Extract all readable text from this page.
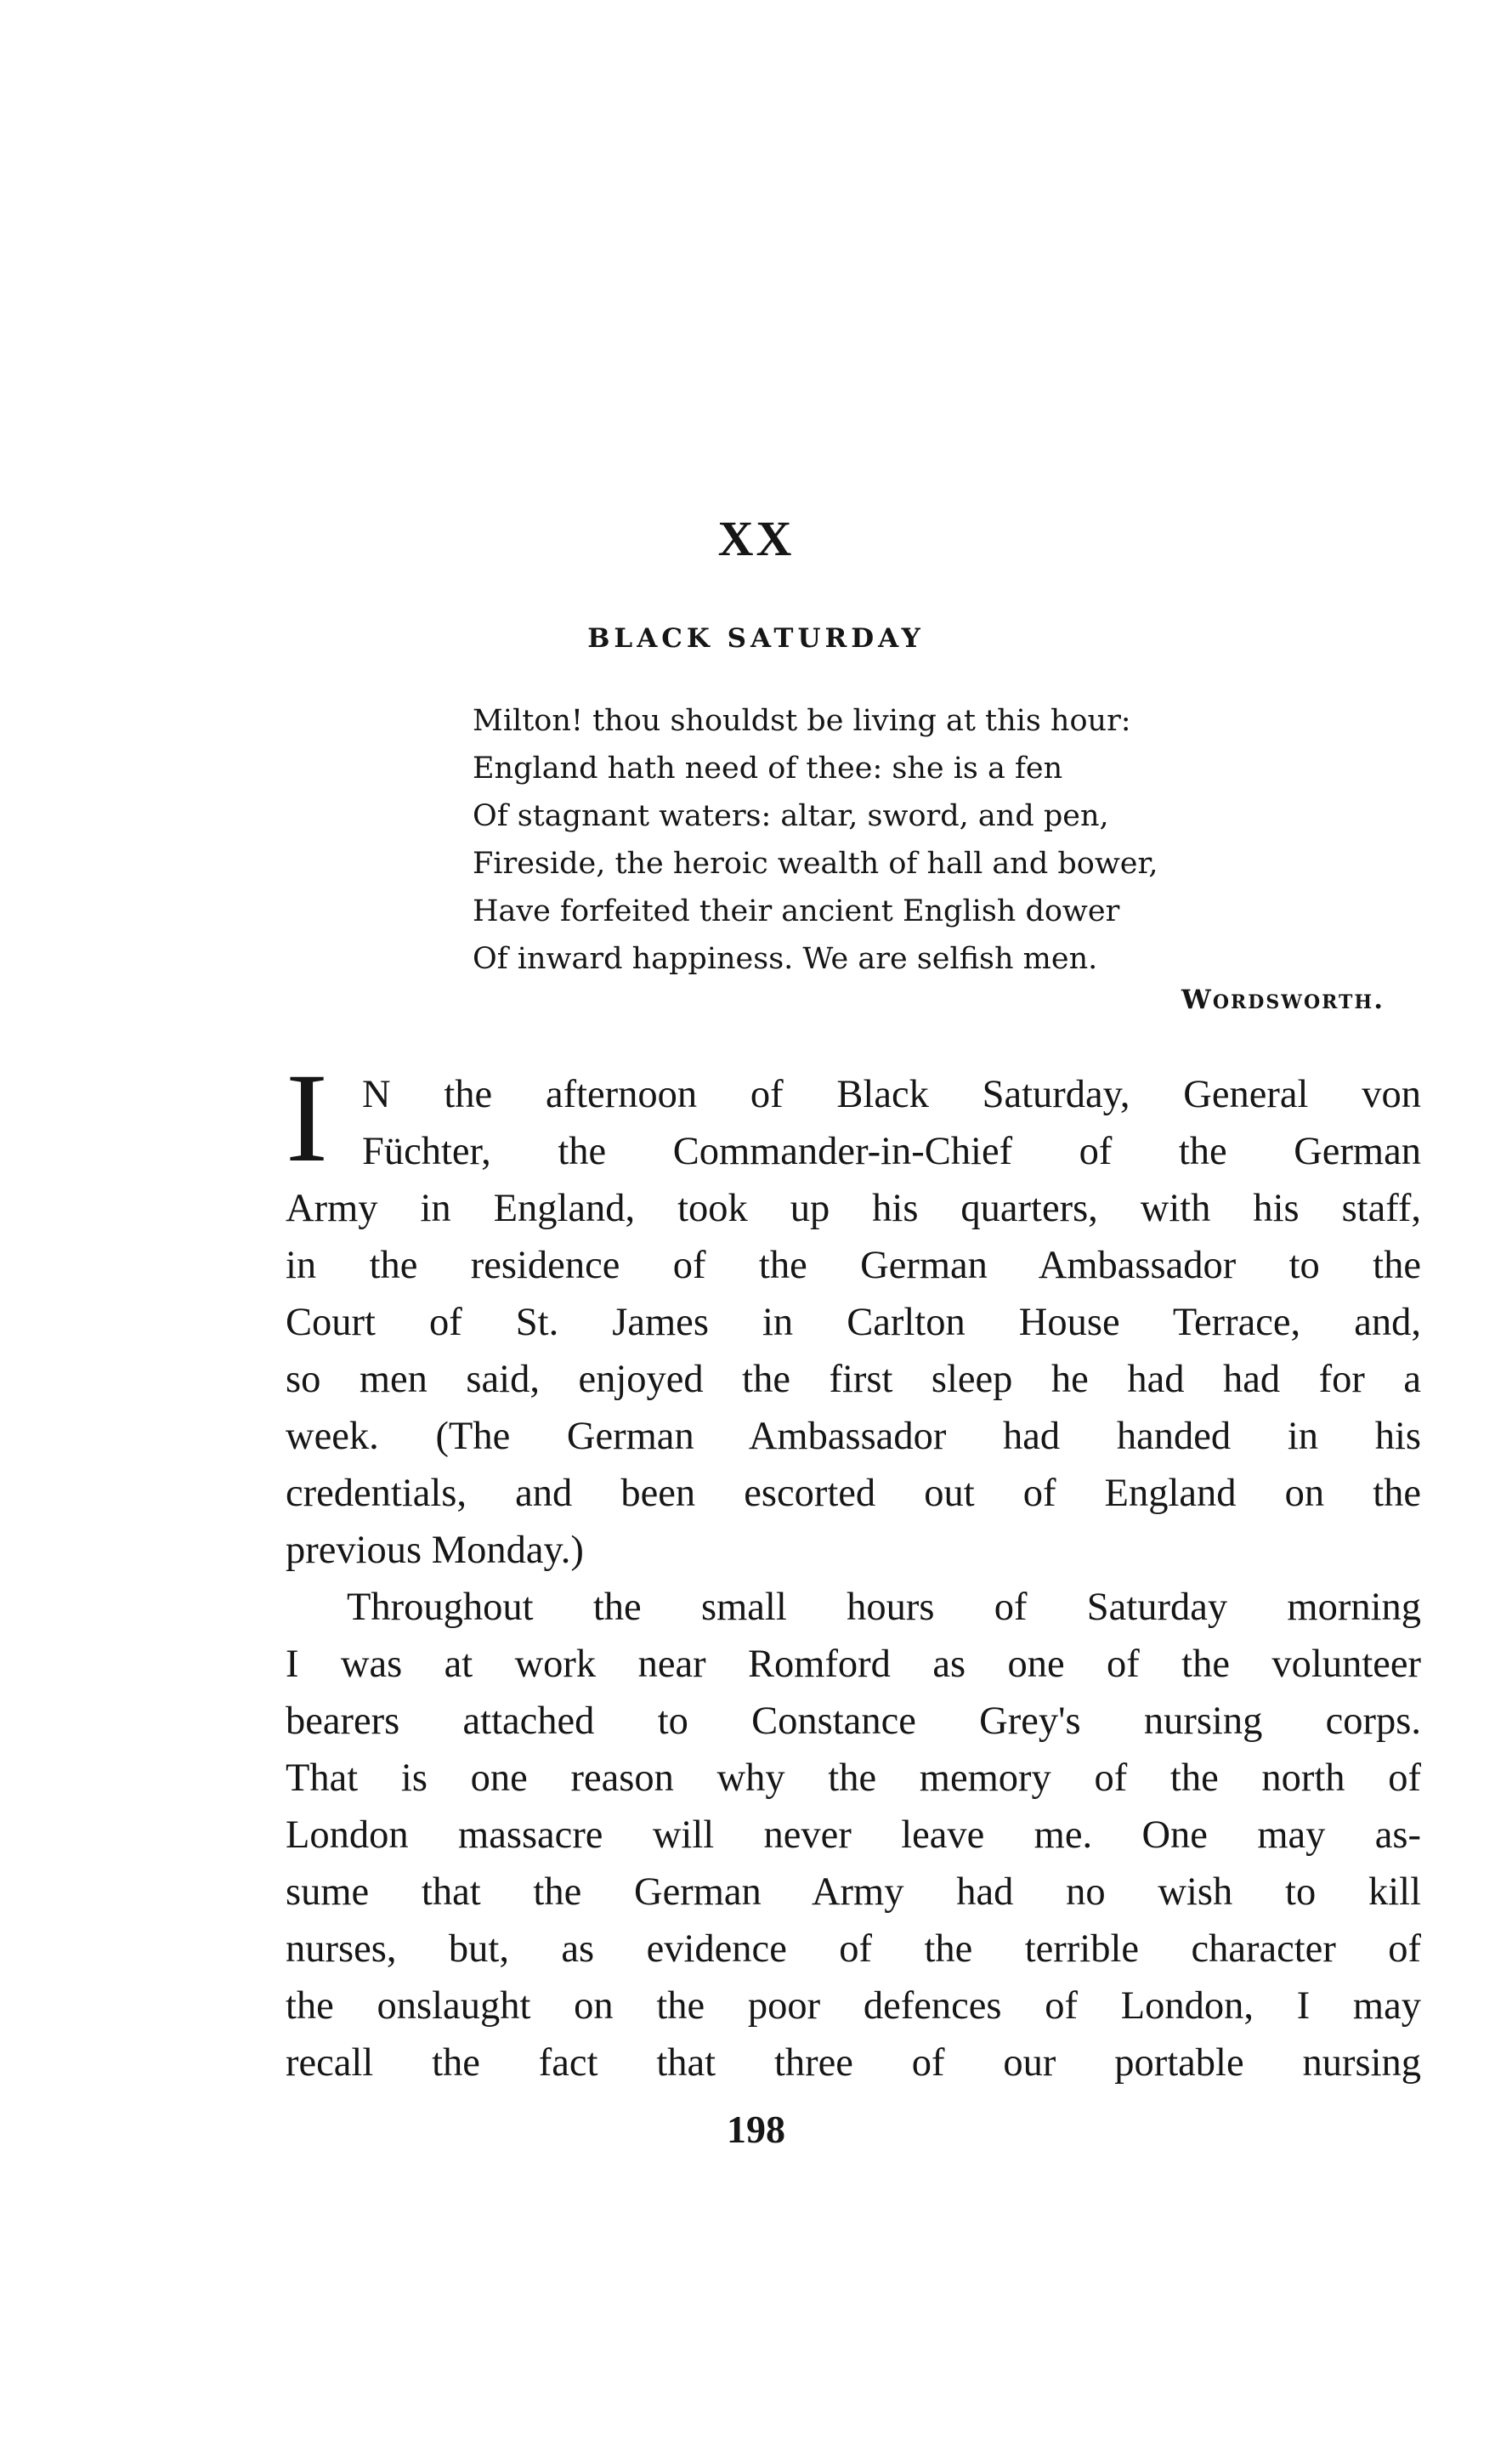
XX
BLACK SATURDAY
Milton! thou shouldst be living at this hour:
England hath need of thee: she is a fen
Of stagnant waters: altar, sword, and pen,
Fireside, the heroic wealth of hall and bower,
Have forfeited their ancient English dower
Of inward happiness. We are selfish men.
Wordsworth.
I N the afternoon of Black Saturday, General von
Füchter, the Commander-in-Chief of the German
Army in England, took up his quarters, with his staff,
in the residence of the German Ambassador to the
Court of St. James in Carlton House Terrace, and,
so men said, enjoyed the first sleep he had had for a
week. (The German Ambassador had handed in his
credentials, and been escorted out of England on the
previous Monday.)
Throughout the small hours of Saturday morning
I was at work near Romford as one of the volunteer
bearers attached to Constance Grey's nursing corps.
That is one reason why the memory of the north of
London massacre will never leave me. One may as-
sume that the German Army had no wish to kill
nurses, but, as evidence of the terrible character of
the onslaught on the poor defences of London, I may
recall the fact that three of our portable nursing
198
